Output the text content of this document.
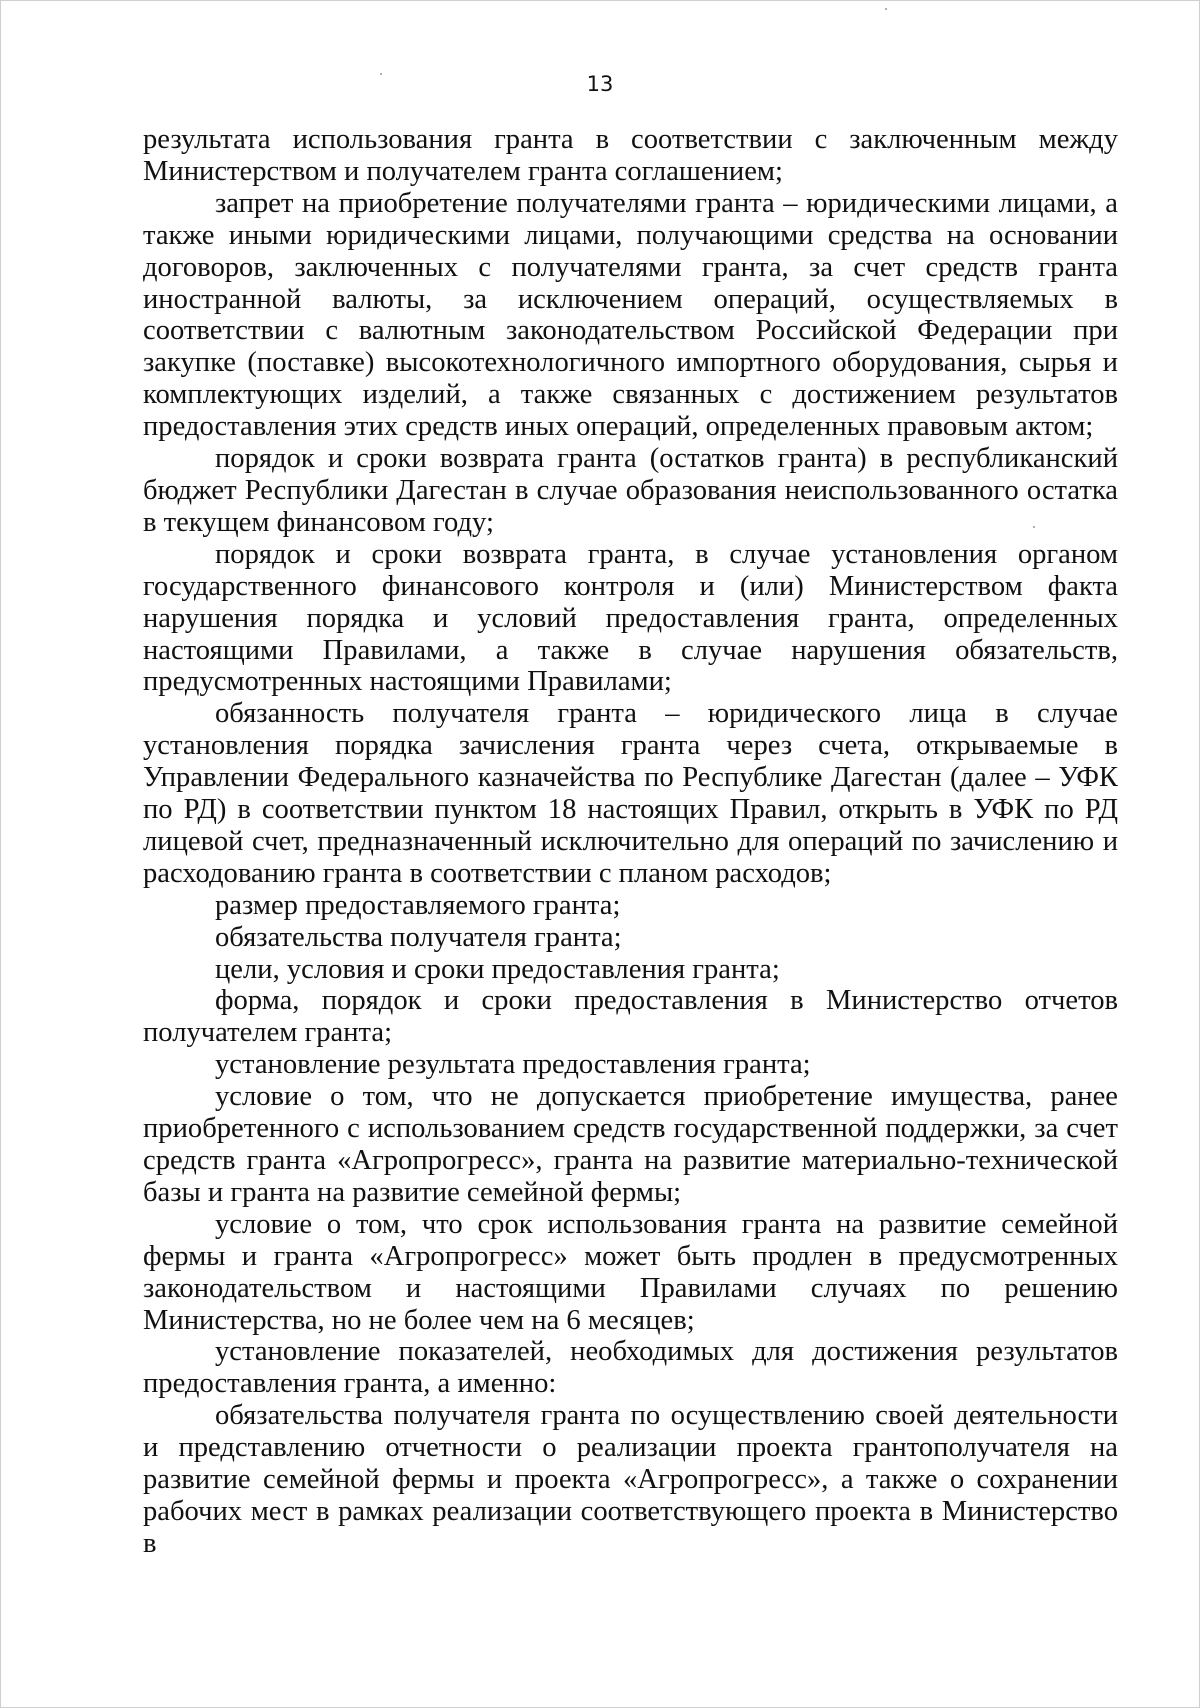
13

результата использования гранта в соответствии с заключенным между Министерством и получателем гранта соглашением;

запрет на приобретение получателями гранта – юридическими лицами, а также иными юридическими лицами, получающими средства на основании договоров, заключенных с получателями гранта, за счет средств гранта иностранной валюты, за исключением операций, осуществляемых в соответствии с валютным законодательством Российской Федерации при закупке (поставке) высокотехнологичного импортного оборудования, сырья и комплектующих изделий, а также связанных с достижением результатов предоставления этих средств иных операций, определенных правовым актом;

порядок и сроки возврата гранта (остатков гранта) в республиканский бюджет Республики Дагестан в случае образования неиспользованного остатка в текущем финансовом году;

порядок и сроки возврата гранта, в случае установления органом государственного финансового контроля и (или) Министерством факта нарушения порядка и условий предоставления гранта, определенных настоящими Правилами, а также в случае нарушения обязательств, предусмотренных настоящими Правилами;

обязанность получателя гранта – юридического лица в случае установления порядка зачисления гранта через счета, открываемые в Управлении Федерального казначейства по Республике Дагестан (далее – УФК по РД) в соответствии пунктом 18 настоящих Правил, открыть в УФК по РД лицевой счет, предназначенный исключительно для операций по зачислению и расходованию гранта в соответствии с планом расходов;

размер предоставляемого гранта;

обязательства получателя гранта;

цели, условия и сроки предоставления гранта;

форма, порядок и сроки предоставления в Министерство отчетов получателем гранта;

установление результата предоставления гранта;

условие о том, что не допускается приобретение имущества, ранее приобретенного с использованием средств государственной поддержки, за счет средств гранта «Агропрогресс», гранта на развитие материально-технической базы и гранта на развитие семейной фермы;

условие о том, что срок использования гранта на развитие семейной фермы и гранта «Агропрогресс» может быть продлен в предусмотренных законодательством и настоящими Правилами случаях по решению Министерства, но не более чем на 6 месяцев;

установление показателей, необходимых для достижения результатов предоставления гранта, а именно:

обязательства получателя гранта по осуществлению своей деятельности и представлению отчетности о реализации проекта грантополучателя на развитие семейной фермы и проекта «Агропрогресс», а также о сохранении рабочих мест в рамках реализации соответствующего проекта в Министерство в
